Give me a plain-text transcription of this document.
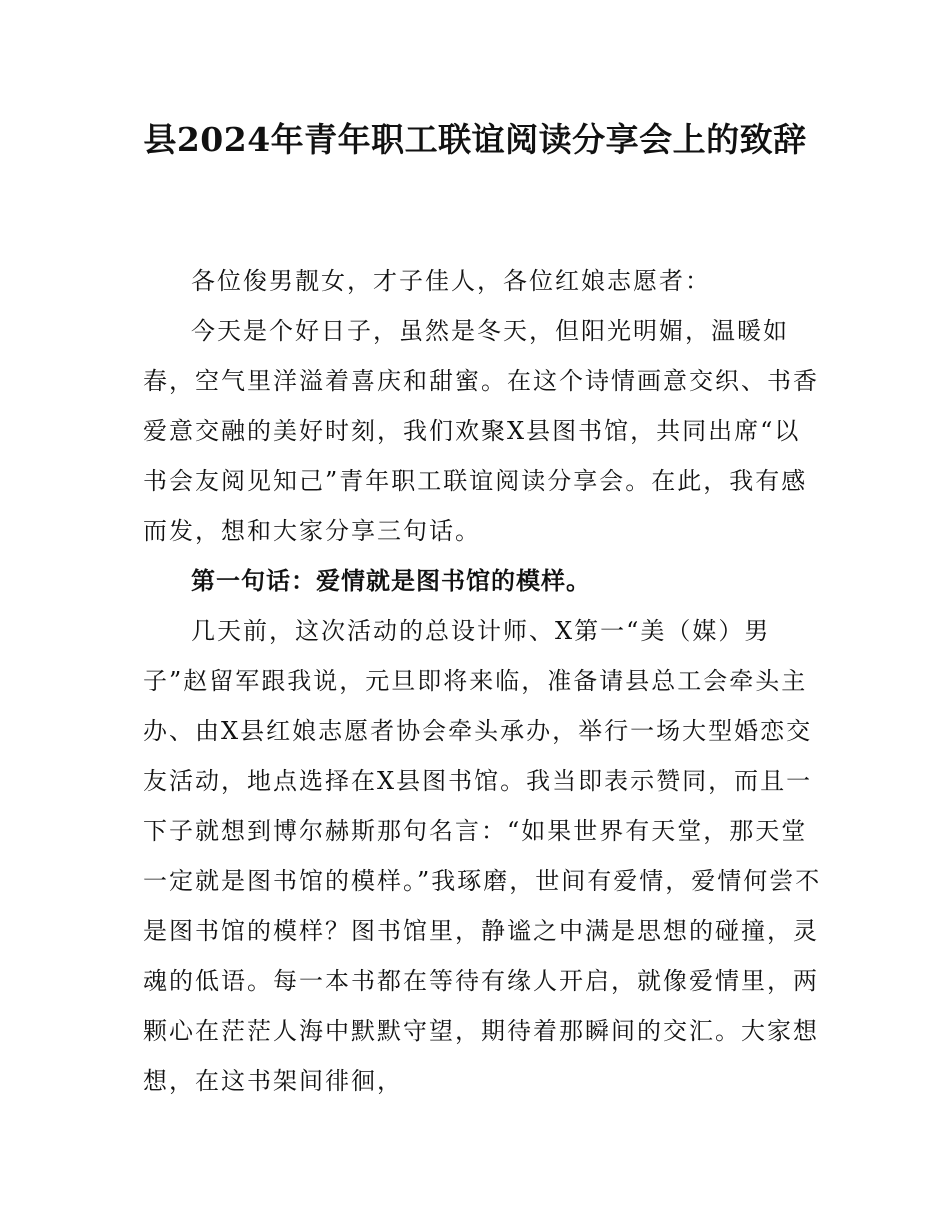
县2024年青年职工联谊阅读分享会上的致辞

各位俊男靓女，才子佳人，各位红娘志愿者：

今天是个好日子，虽然是冬天，但阳光明媚，温暖如春，空气里洋溢着喜庆和甜蜜。在这个诗情画意交织、书香爱意交融的美好时刻，我们欢聚X县图书馆，共同出席“以书会友阅见知己”青年职工联谊阅读分享会。在此，我有感而发，想和大家分享三句话。

第一句话：爱情就是图书馆的模样。

几天前，这次活动的总设计师、X第一“美（媒）男子”赵留军跟我说，元旦即将来临，准备请县总工会牵头主办、由X县红娘志愿者协会牵头承办，举行一场大型婚恋交友活动，地点选择在X县图书馆。我当即表示赞同，而且一下子就想到博尔赫斯那句名言：“如果世界有天堂，那天堂一定就是图书馆的模样。”我琢磨，世间有爱情，爱情何尝不是图书馆的模样？图书馆里，静谧之中满是思想的碰撞，灵魂的低语。每一本书都在等待有缘人开启，就像爱情里，两颗心在茫茫人海中默默守望，期待着那瞬间的交汇。大家想想，在这书架间徘徊，
